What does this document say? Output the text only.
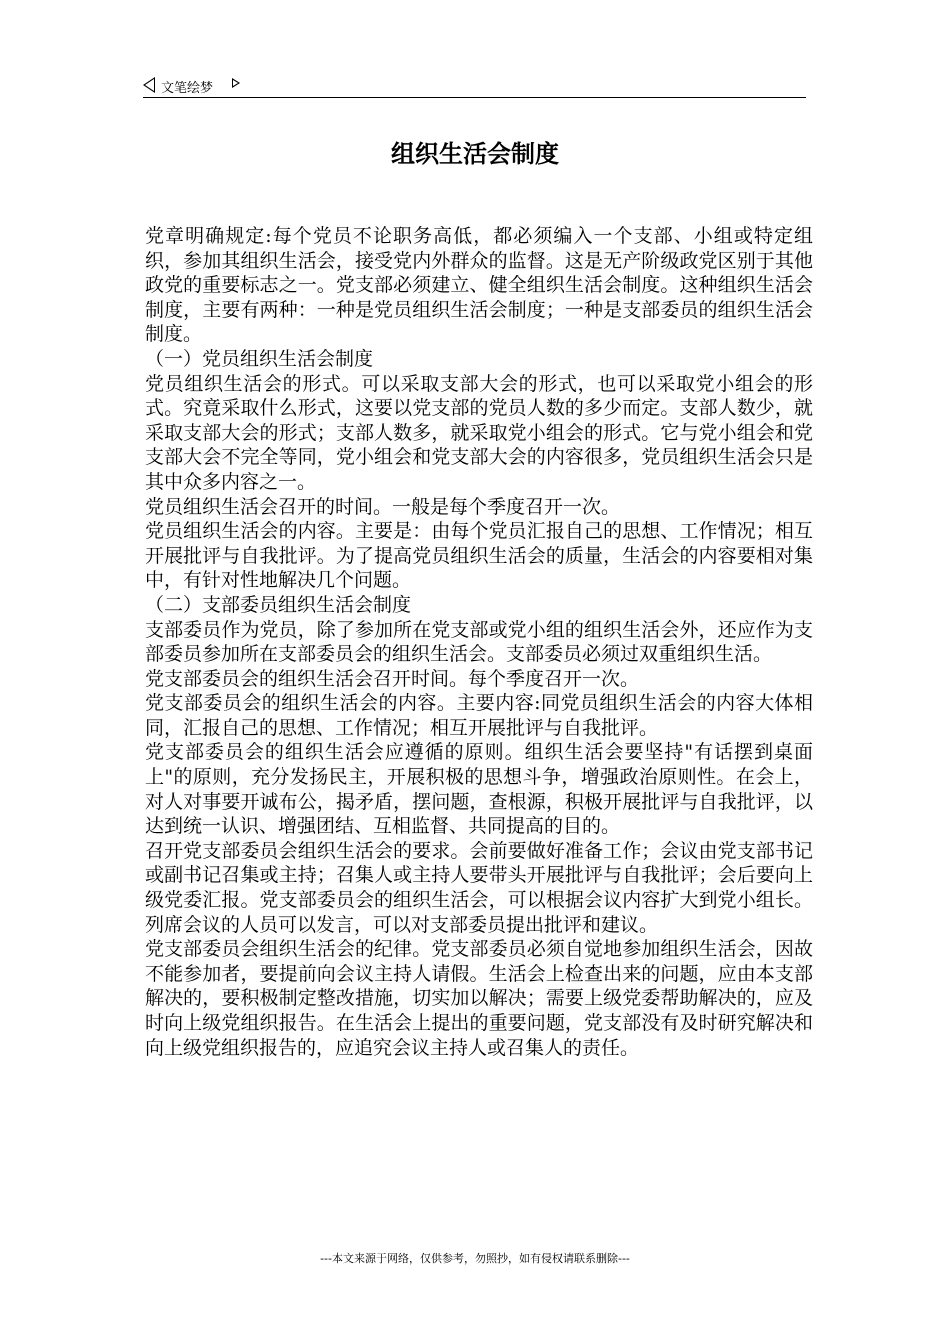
文笔绘梦
组织生活会制度

党章明确规定:每个党员不论职务高低，都必须编入一个支部、小组或特定组织，参加其组织生活会，接受党内外群众的监督。这是无产阶级政党区别于其他政党的重要标志之一。党支部必须建立、健全组织生活会制度。这种组织生活会制度，主要有两种：一种是党员组织生活会制度；一种是支部委员的组织生活会制度。

（一）党员组织生活会制度

党员组织生活会的形式。可以采取支部大会的形式，也可以采取党小组会的形式。究竟采取什么形式，这要以党支部的党员人数的多少而定。支部人数少，就采取支部大会的形式；支部人数多，就采取党小组会的形式。它与党小组会和党支部大会不完全等同，党小组会和党支部大会的内容很多，党员组织生活会只是其中众多内容之一。

党员组织生活会召开的时间。一般是每个季度召开一次。

党员组织生活会的内容。主要是：由每个党员汇报自己的思想、工作情况；相互开展批评与自我批评。为了提高党员组织生活会的质量，生活会的内容要相对集中，有针对性地解决几个问题。

（二）支部委员组织生活会制度

支部委员作为党员，除了参加所在党支部或党小组的组织生活会外，还应作为支部委员参加所在支部委员会的组织生活会。支部委员必须过双重组织生活。

党支部委员会的组织生活会召开时间。每个季度召开一次。

党支部委员会的组织生活会的内容。主要内容:同党员组织生活会的内容大体相同，汇报自己的思想、工作情况；相互开展批评与自我批评。

党支部委员会的组织生活会应遵循的原则。组织生活会要坚持"有话摆到桌面上"的原则，充分发扬民主，开展积极的思想斗争，增强政治原则性。在会上，对人对事要开诚布公，揭矛盾，摆问题，查根源，积极开展批评与自我批评，以达到统一认识、增强团结、互相监督、共同提高的目的。

召开党支部委员会组织生活会的要求。会前要做好准备工作；会议由党支部书记或副书记召集或主持；召集人或主持人要带头开展批评与自我批评；会后要向上级党委汇报。党支部委员会的组织生活会，可以根据会议内容扩大到党小组长。列席会议的人员可以发言，可以对支部委员提出批评和建议。

党支部委员会组织生活会的纪律。党支部委员必须自觉地参加组织生活会，因故不能参加者，要提前向会议主持人请假。生活会上检查出来的问题，应由本支部解决的，要积极制定整改措施，切实加以解决；需要上级党委帮助解决的，应及时向上级党组织报告。在生活会上提出的重要问题，党支部没有及时研究解决和向上级党组织报告的，应追究会议主持人或召集人的责任。

---本文来源于网络，仅供参考，勿照抄，如有侵权请联系删除---
